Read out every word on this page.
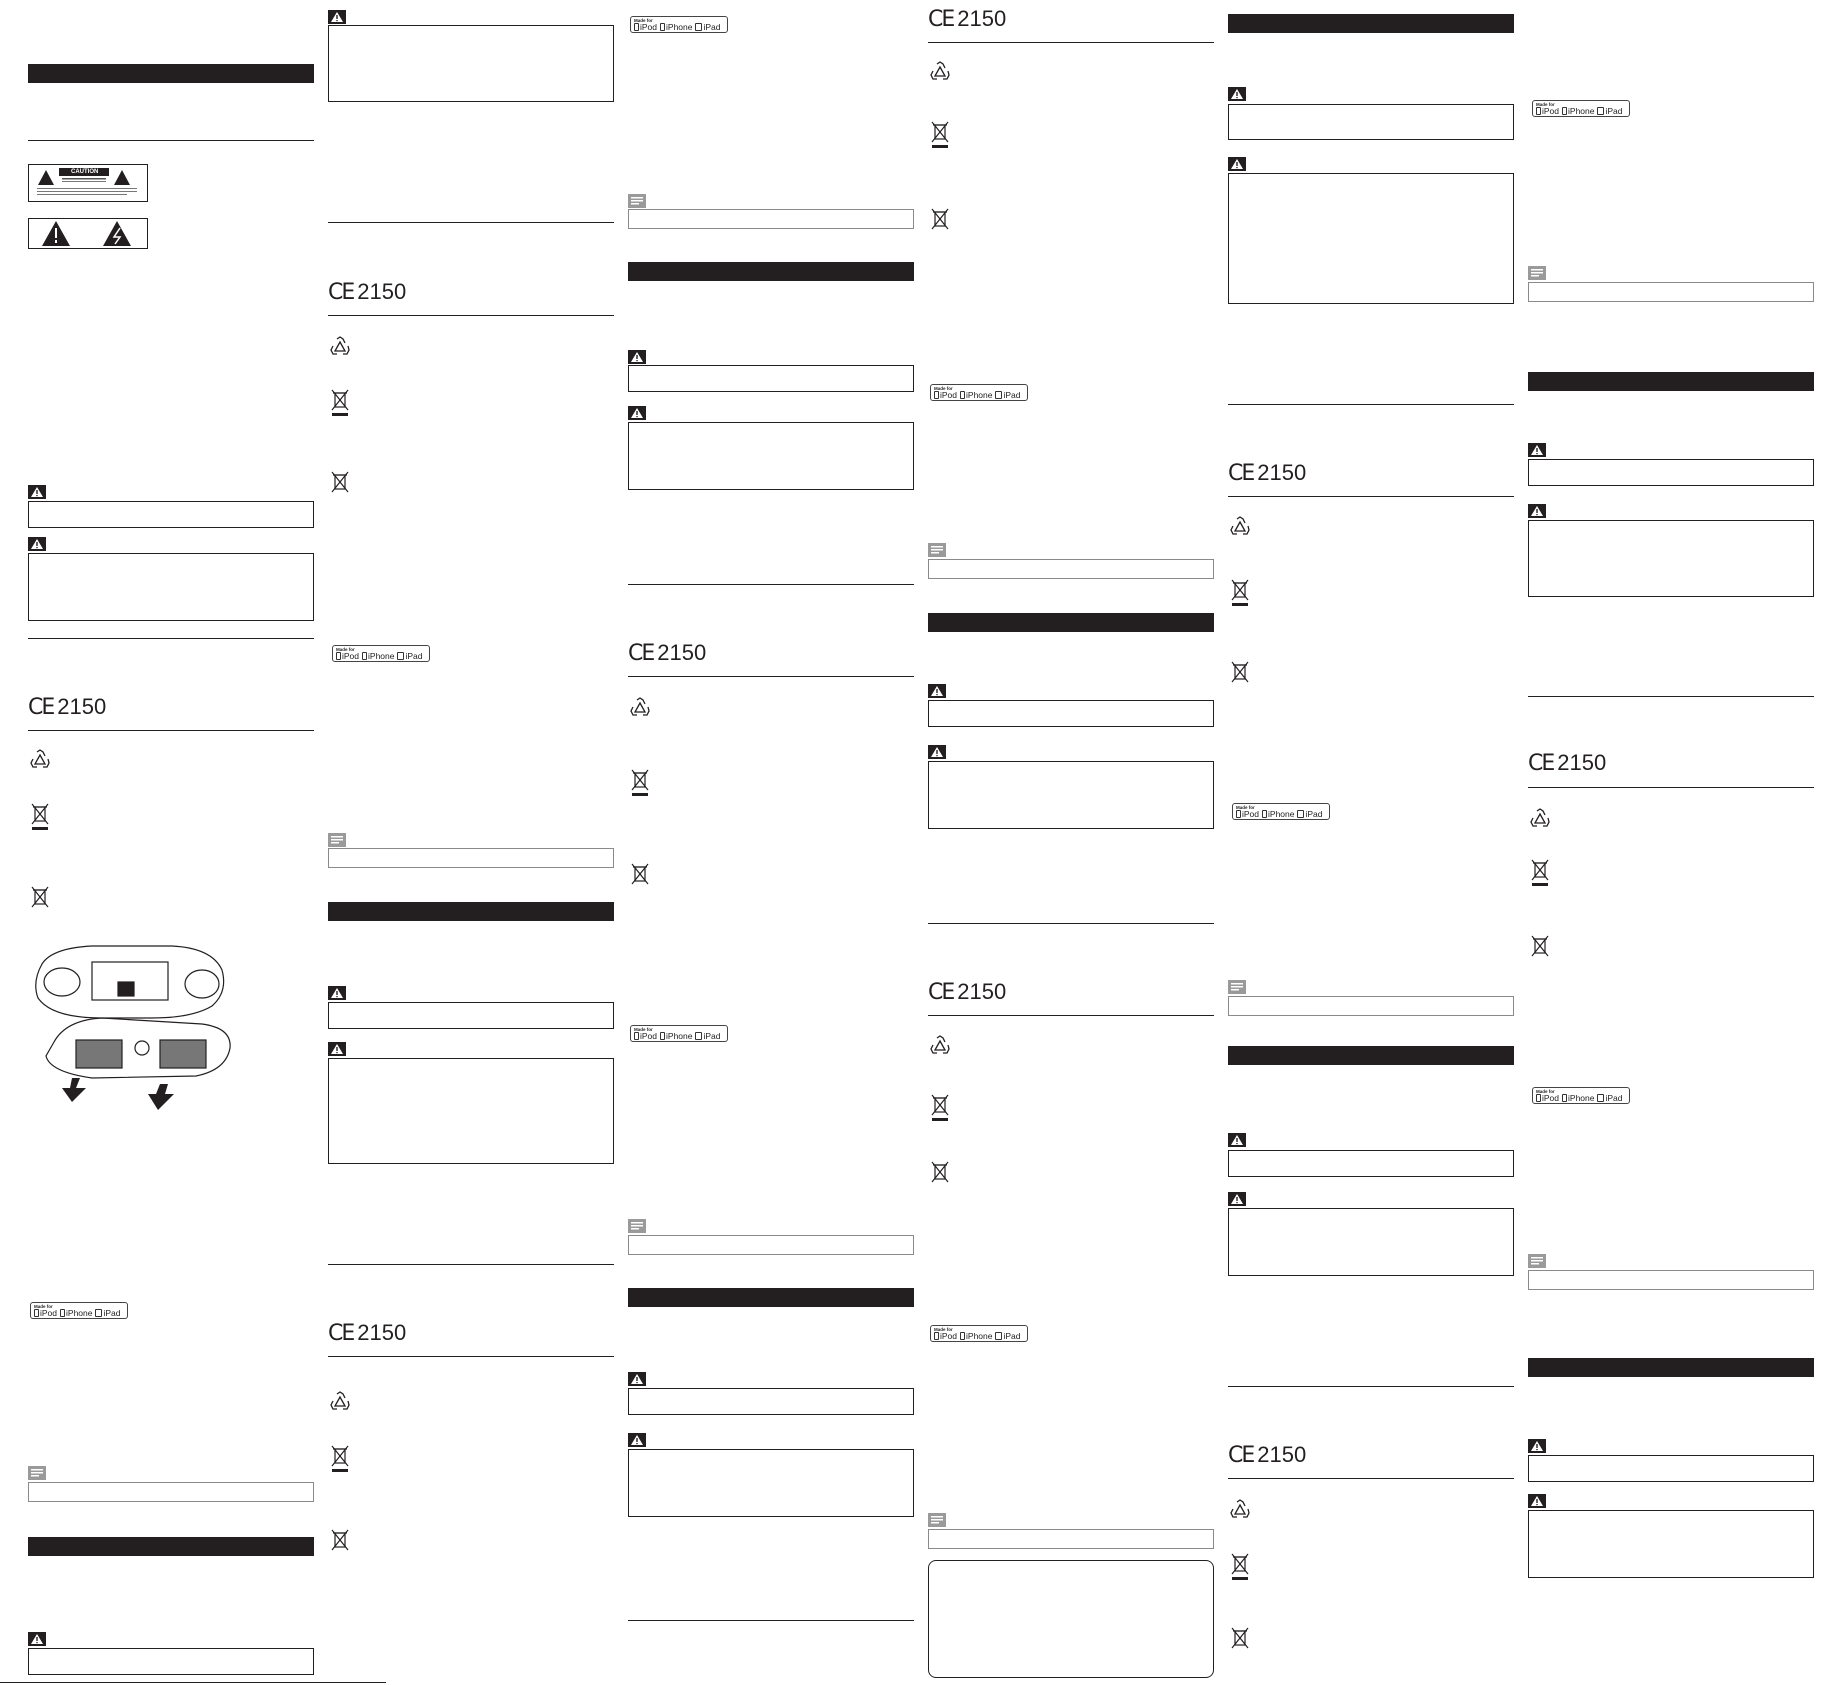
CAUTION
CE 2150
Made for
iPod iPhone iPad
CE 2150
Made for
iPod iPhone iPad
CE 2150
Made for
iPod iPhone iPad
CE 2150
Made for
iPod iPhone iPad
CE 2150
Made for
iPod iPhone iPad
CE 2150
Made for
iPod iPhone iPad
CE 2150
Made for
iPod iPhone iPad
CE 2150
Made for
iPod iPhone iPad
CE 2150
Made for
iPod iPhone iPad
